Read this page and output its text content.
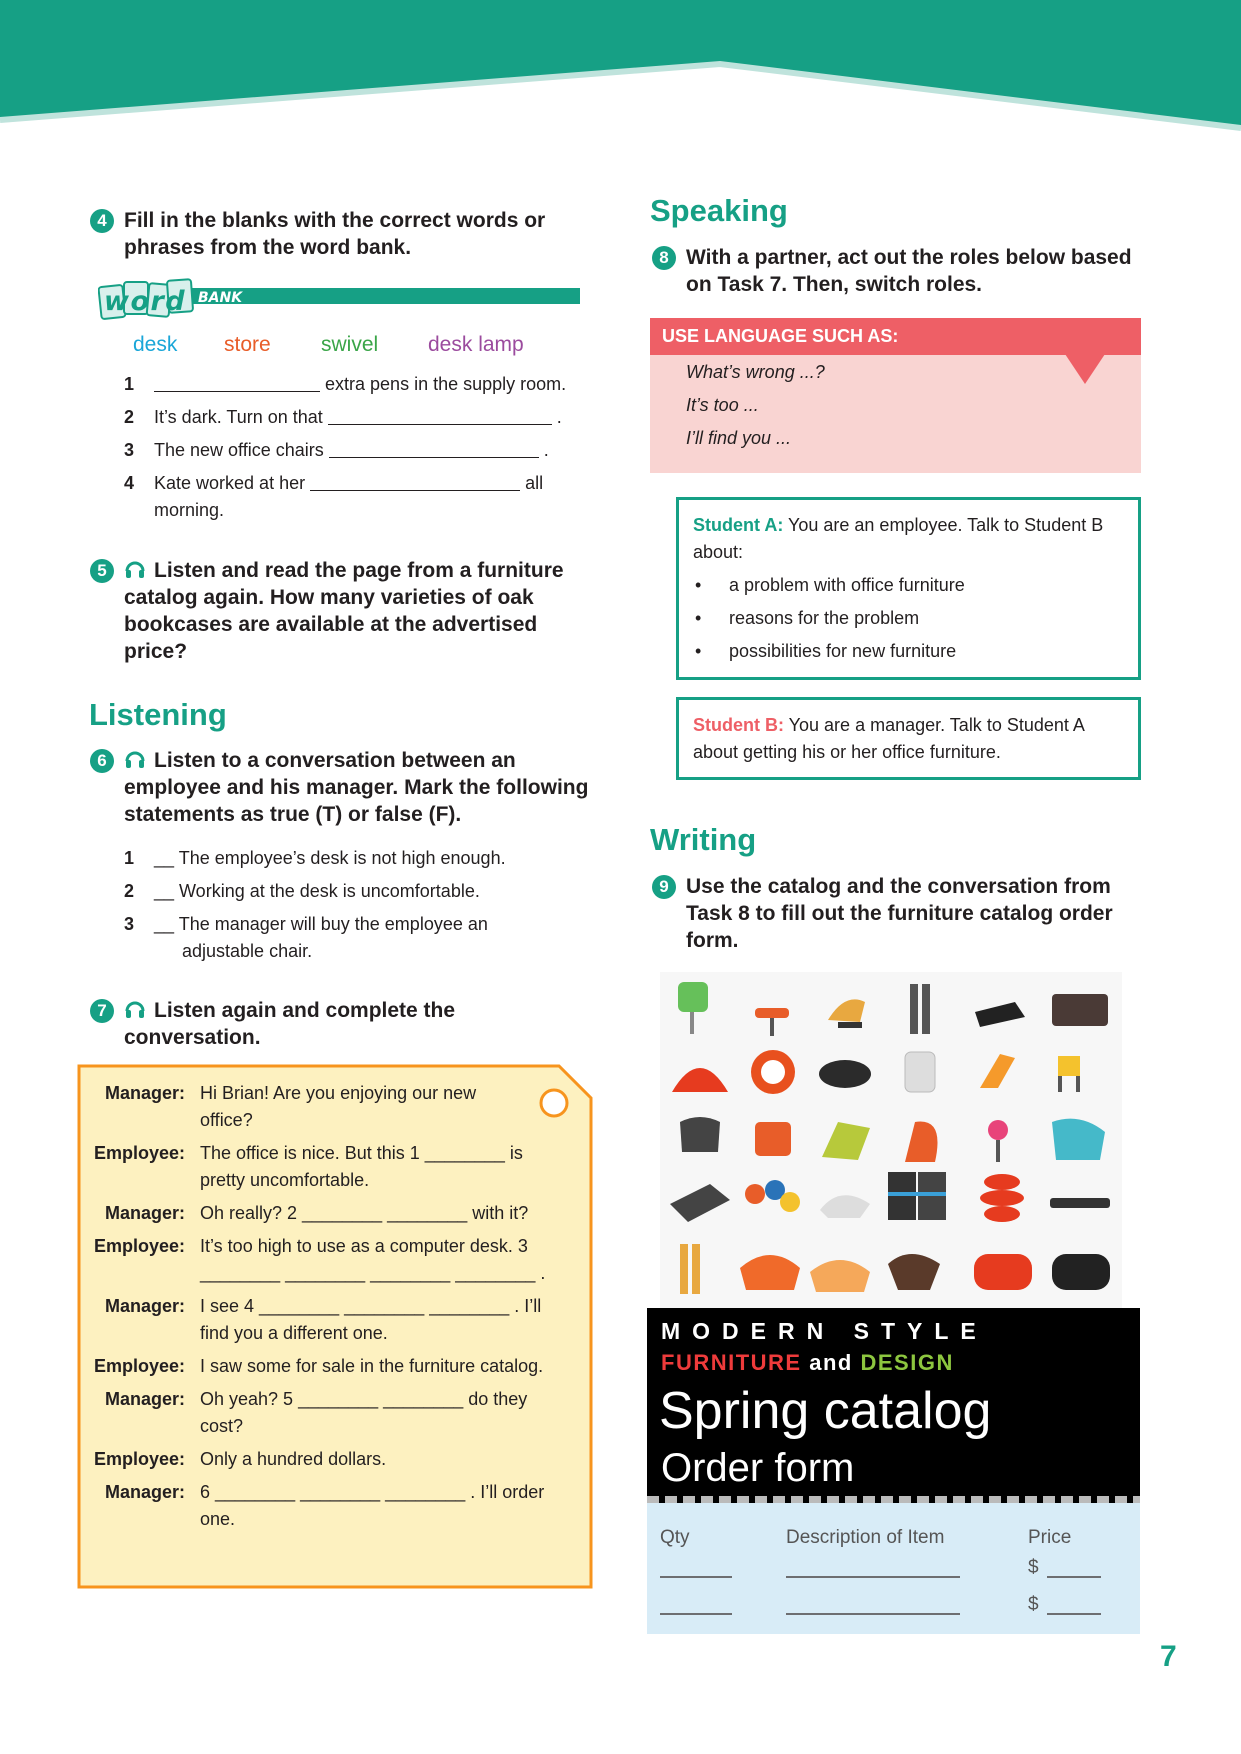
4 Fill in the blanks with the correct words or phrases from the word bank.
word BANK
desk store swivel desk lamp
1	extra pens in the supply room.
2 It’s dark. Turn on that	.
3 The new office chairs	.
4 Kate worked at her	all
morning.
5	Listen and read the page from a furniture catalog again. How many varieties of oak bookcases are available at the advertised price?
Listening
6	Listen to a conversation between an employee and his manager. Mark the following statements as true (T) or false (F).
1 __ The employee’s desk is not high enough.
2 __ Working at the desk is uncomfortable.
3 __ The manager will buy the employee an
adjustable chair.
7	Listen again and complete the conversation.
Manager: Hi Brian! Are you enjoying our new office?
Employee: The office is nice. But this 1 ________ is pretty uncomfortable.
Manager: Oh really? 2 ________ ________ with it?
Employee: It’s too high to use as a computer desk. 3 ________ ________ ________ ________ .
Manager: I see 4 ________ ________ ________ . I’ll find you a different one.
Employee: I saw some for sale in the furniture catalog.
Manager: Oh yeah? 5 ________ ________ do they cost?
Employee: Only a hundred dollars.
Manager: 6 ________ ________ ________ . I’ll order one.
Speaking
8 With a partner, act out the roles below based on Task 7. Then, switch roles.
USE LANGUAGE SUCH AS:
What’s wrong ...?
It’s too ...
I’ll find you ...
Student A: You are an employee. Talk to Student B about:
• a problem with office furniture
• reasons for the problem
• possibilities for new furniture
Student B: You are a manager. Talk to Student A about getting his or her office furniture.
Writing
9 Use the catalog and the conversation from Task 8 to fill out the furniture catalog order form.
MODERN STYLE
FURNITURE and DESIGN
Spring catalog
Order form
Qty	Description of Item	Price
$
$
7
